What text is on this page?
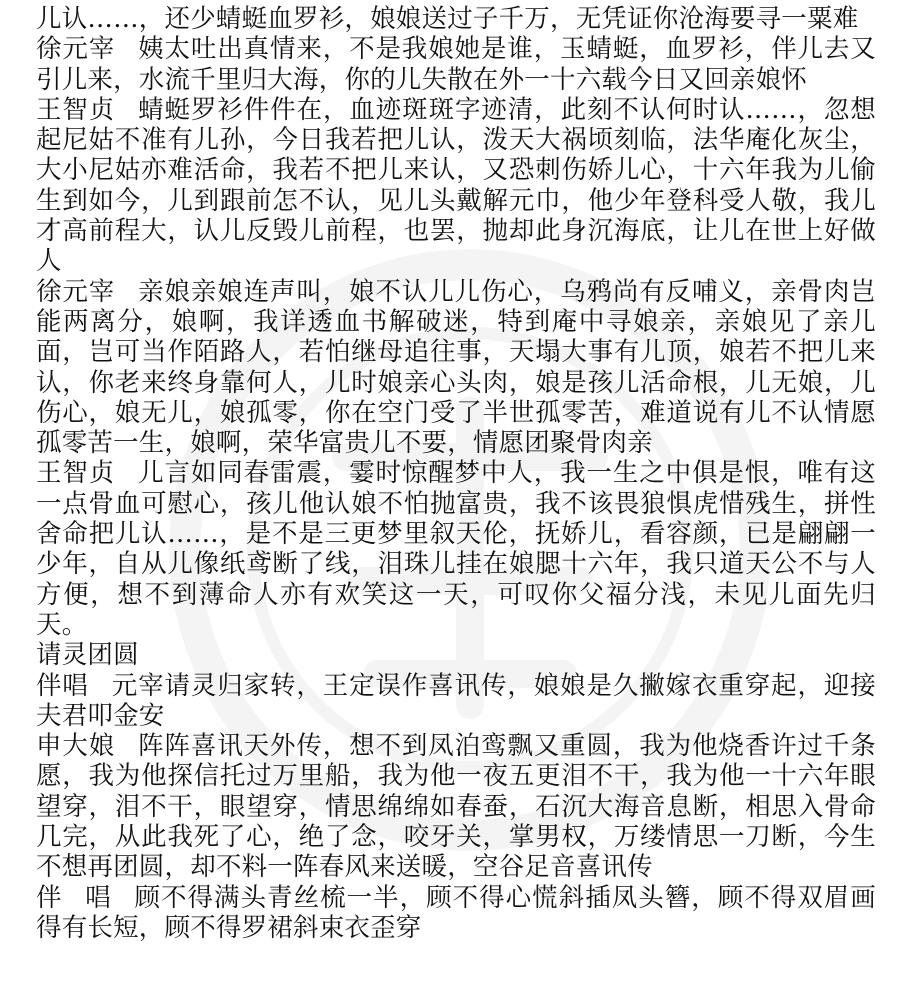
儿认……，还少蜻蜓血罗衫，娘娘送过子千万，无凭证你沧海要寻一粟难

徐元宰 姨太吐出真情来，不是我娘她是谁，玉蜻蜓，血罗衫，伴儿去又引儿来，水流千里归大海，你的儿失散在外一十六载今日又回亲娘怀

王智贞 蜻蜓罗衫件件在，血迹斑斑字迹清，此刻不认何时认……，忽想起尼姑不准有儿孙，今日我若把儿认，泼天大祸顷刻临，法华庵化灰尘，大小尼姑亦难活命，我若不把儿来认，又恐刺伤娇儿心，十六年我为儿偷生到如今，儿到跟前怎不认，见儿头戴解元巾，他少年登科受人敬，我儿才高前程大，认儿反毁儿前程，也罢，抛却此身沉海底，让儿在世上好做人

徐元宰 亲娘亲娘连声叫，娘不认儿儿伤心，乌鸦尚有反哺义，亲骨肉岂能两离分，娘啊，我详透血书解破迷，特到庵中寻娘亲，亲娘见了亲儿面，岂可当作陌路人，若怕继母追往事，天塌大事有儿顶，娘若不把儿来认，你老来终身靠何人，儿时娘亲心头肉，娘是孩儿活命根，儿无娘，儿伤心，娘无儿，娘孤零，你在空门受了半世孤零苦，难道说有儿不认情愿孤零苦一生，娘啊，荣华富贵儿不要，情愿团聚骨肉亲

王智贞 儿言如同春雷震，霎时惊醒梦中人，我一生之中俱是恨，唯有这一点骨血可慰心，孩儿他认娘不怕抛富贵，我不该畏狼惧虎惜残生，拼性舍命把儿认……，是不是三更梦里叙天伦，抚娇儿，看容颜，已是翩翩一少年，自从儿像纸鸢断了线，泪珠儿挂在娘腮十六年，我只道天公不与人方便，想不到薄命人亦有欢笑这一天，可叹你父福分浅，未见儿面先归天。

请灵团圆

伴唱 元宰请灵归家转，王定误作喜讯传，娘娘是久撇嫁衣重穿起，迎接夫君叩金安

申大娘 阵阵喜讯天外传，想不到凤泊鸾飘又重圆，我为他烧香许过千条愿，我为他探信托过万里船，我为他一夜五更泪不干，我为他一十六年眼望穿，泪不干，眼望穿，情思绵绵如春蚕，石沉大海音息断，相思入骨命几完，从此我死了心，绝了念，咬牙关，掌男权，万缕情思一刀断，今生不想再团圆，却不料一阵春风来送暖，空谷足音喜讯传

伴唱顾不得满头青丝梳一半，顾不得心慌斜插凤头簪，顾不得双眉画得有长短，顾不得罗裙斜束衣歪穿
